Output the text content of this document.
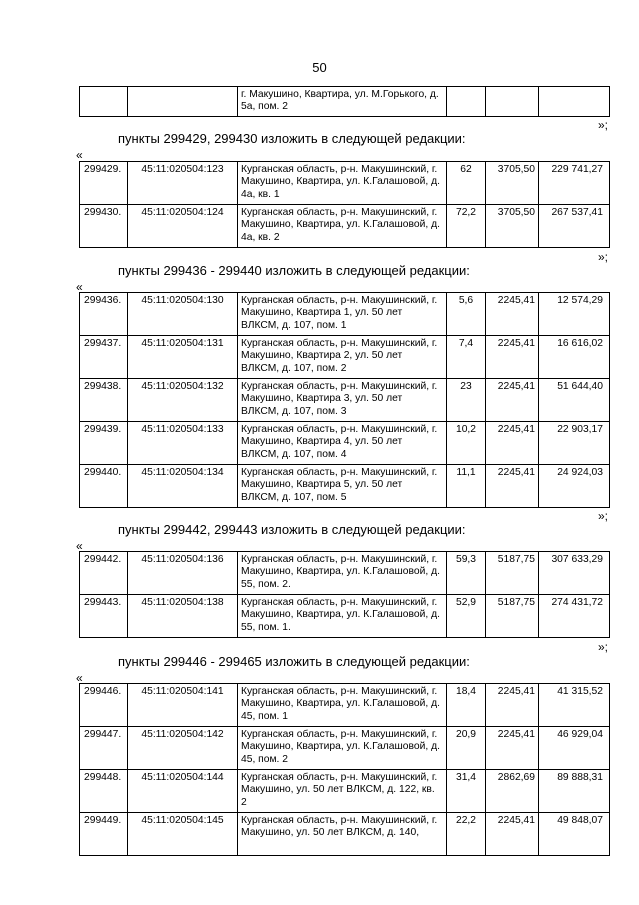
50
		г. Макушино, Квартира, ул. М.Горького, д. 5а, пом. 2			
»;
пункты 299429, 299430 изложить в следующей редакции:
«
299429.	45:11:020504:123	Курганская область, р-н. Макушинский, г. Макушино, Квартира, ул. К.Галашовой, д. 4а, кв. 1	62	3705,50	229 741,27
299430.	45:11:020504:124	Курганская область, р-н. Макушинский, г. Макушино, Квартира, ул. К.Галашовой, д. 4а, кв. 2	72,2	3705,50	267 537,41
»;
пункты 299436 - 299440 изложить в следующей редакции:
«
299436.	45:11:020504:130	Курганская область, р-н. Макушинский, г. Макушино, Квартира 1, ул. 50 лет ВЛКСМ, д. 107, пом. 1	5,6	2245,41	12 574,29
299437.	45:11:020504:131	Курганская область, р-н. Макушинский, г. Макушино, Квартира 2, ул. 50 лет ВЛКСМ, д. 107, пом. 2	7,4	2245,41	16 616,02
299438.	45:11:020504:132	Курганская область, р-н. Макушинский, г. Макушино, Квартира 3, ул. 50 лет ВЛКСМ, д. 107, пом. 3	23	2245,41	51 644,40
299439.	45:11:020504:133	Курганская область, р-н. Макушинский, г. Макушино, Квартира 4, ул. 50 лет ВЛКСМ, д. 107, пом. 4	10,2	2245,41	22 903,17
299440.	45:11:020504:134	Курганская область, р-н. Макушинский, г. Макушино, Квартира 5, ул. 50 лет ВЛКСМ, д. 107, пом. 5	11,1	2245,41	24 924,03
»;
пункты 299442, 299443 изложить в следующей редакции:
«
299442.	45:11:020504:136	Курганская область, р-н. Макушинский, г. Макушино, Квартира, ул. К.Галашовой, д. 55, пом. 2.	59,3	5187,75	307 633,29
299443.	45:11:020504:138	Курганская область, р-н. Макушинский, г. Макушино, Квартира, ул. К.Галашовой, д. 55, пом. 1.	52,9	5187,75	274 431,72
»;
пункты 299446 - 299465 изложить в следующей редакции:
«
299446.	45:11:020504:141	Курганская область, р-н. Макушинский, г. Макушино, Квартира, ул. К.Галашовой, д. 45, пом. 1	18,4	2245,41	41 315,52
299447.	45:11:020504:142	Курганская область, р-н. Макушинский, г. Макушино, Квартира, ул. К.Галашовой, д. 45, пом. 2	20,9	2245,41	46 929,04
299448.	45:11:020504:144	Курганская область, р-н. Макушинский, г. Макушино, ул. 50 лет ВЛКСМ, д. 122, кв. 2	31,4	2862,69	89 888,31
299449.	45:11:020504:145	Курганская область, р-н. Макушинский, г. Макушино, ул. 50 лет ВЛКСМ, д. 140,	22,2	2245,41	49 848,07
